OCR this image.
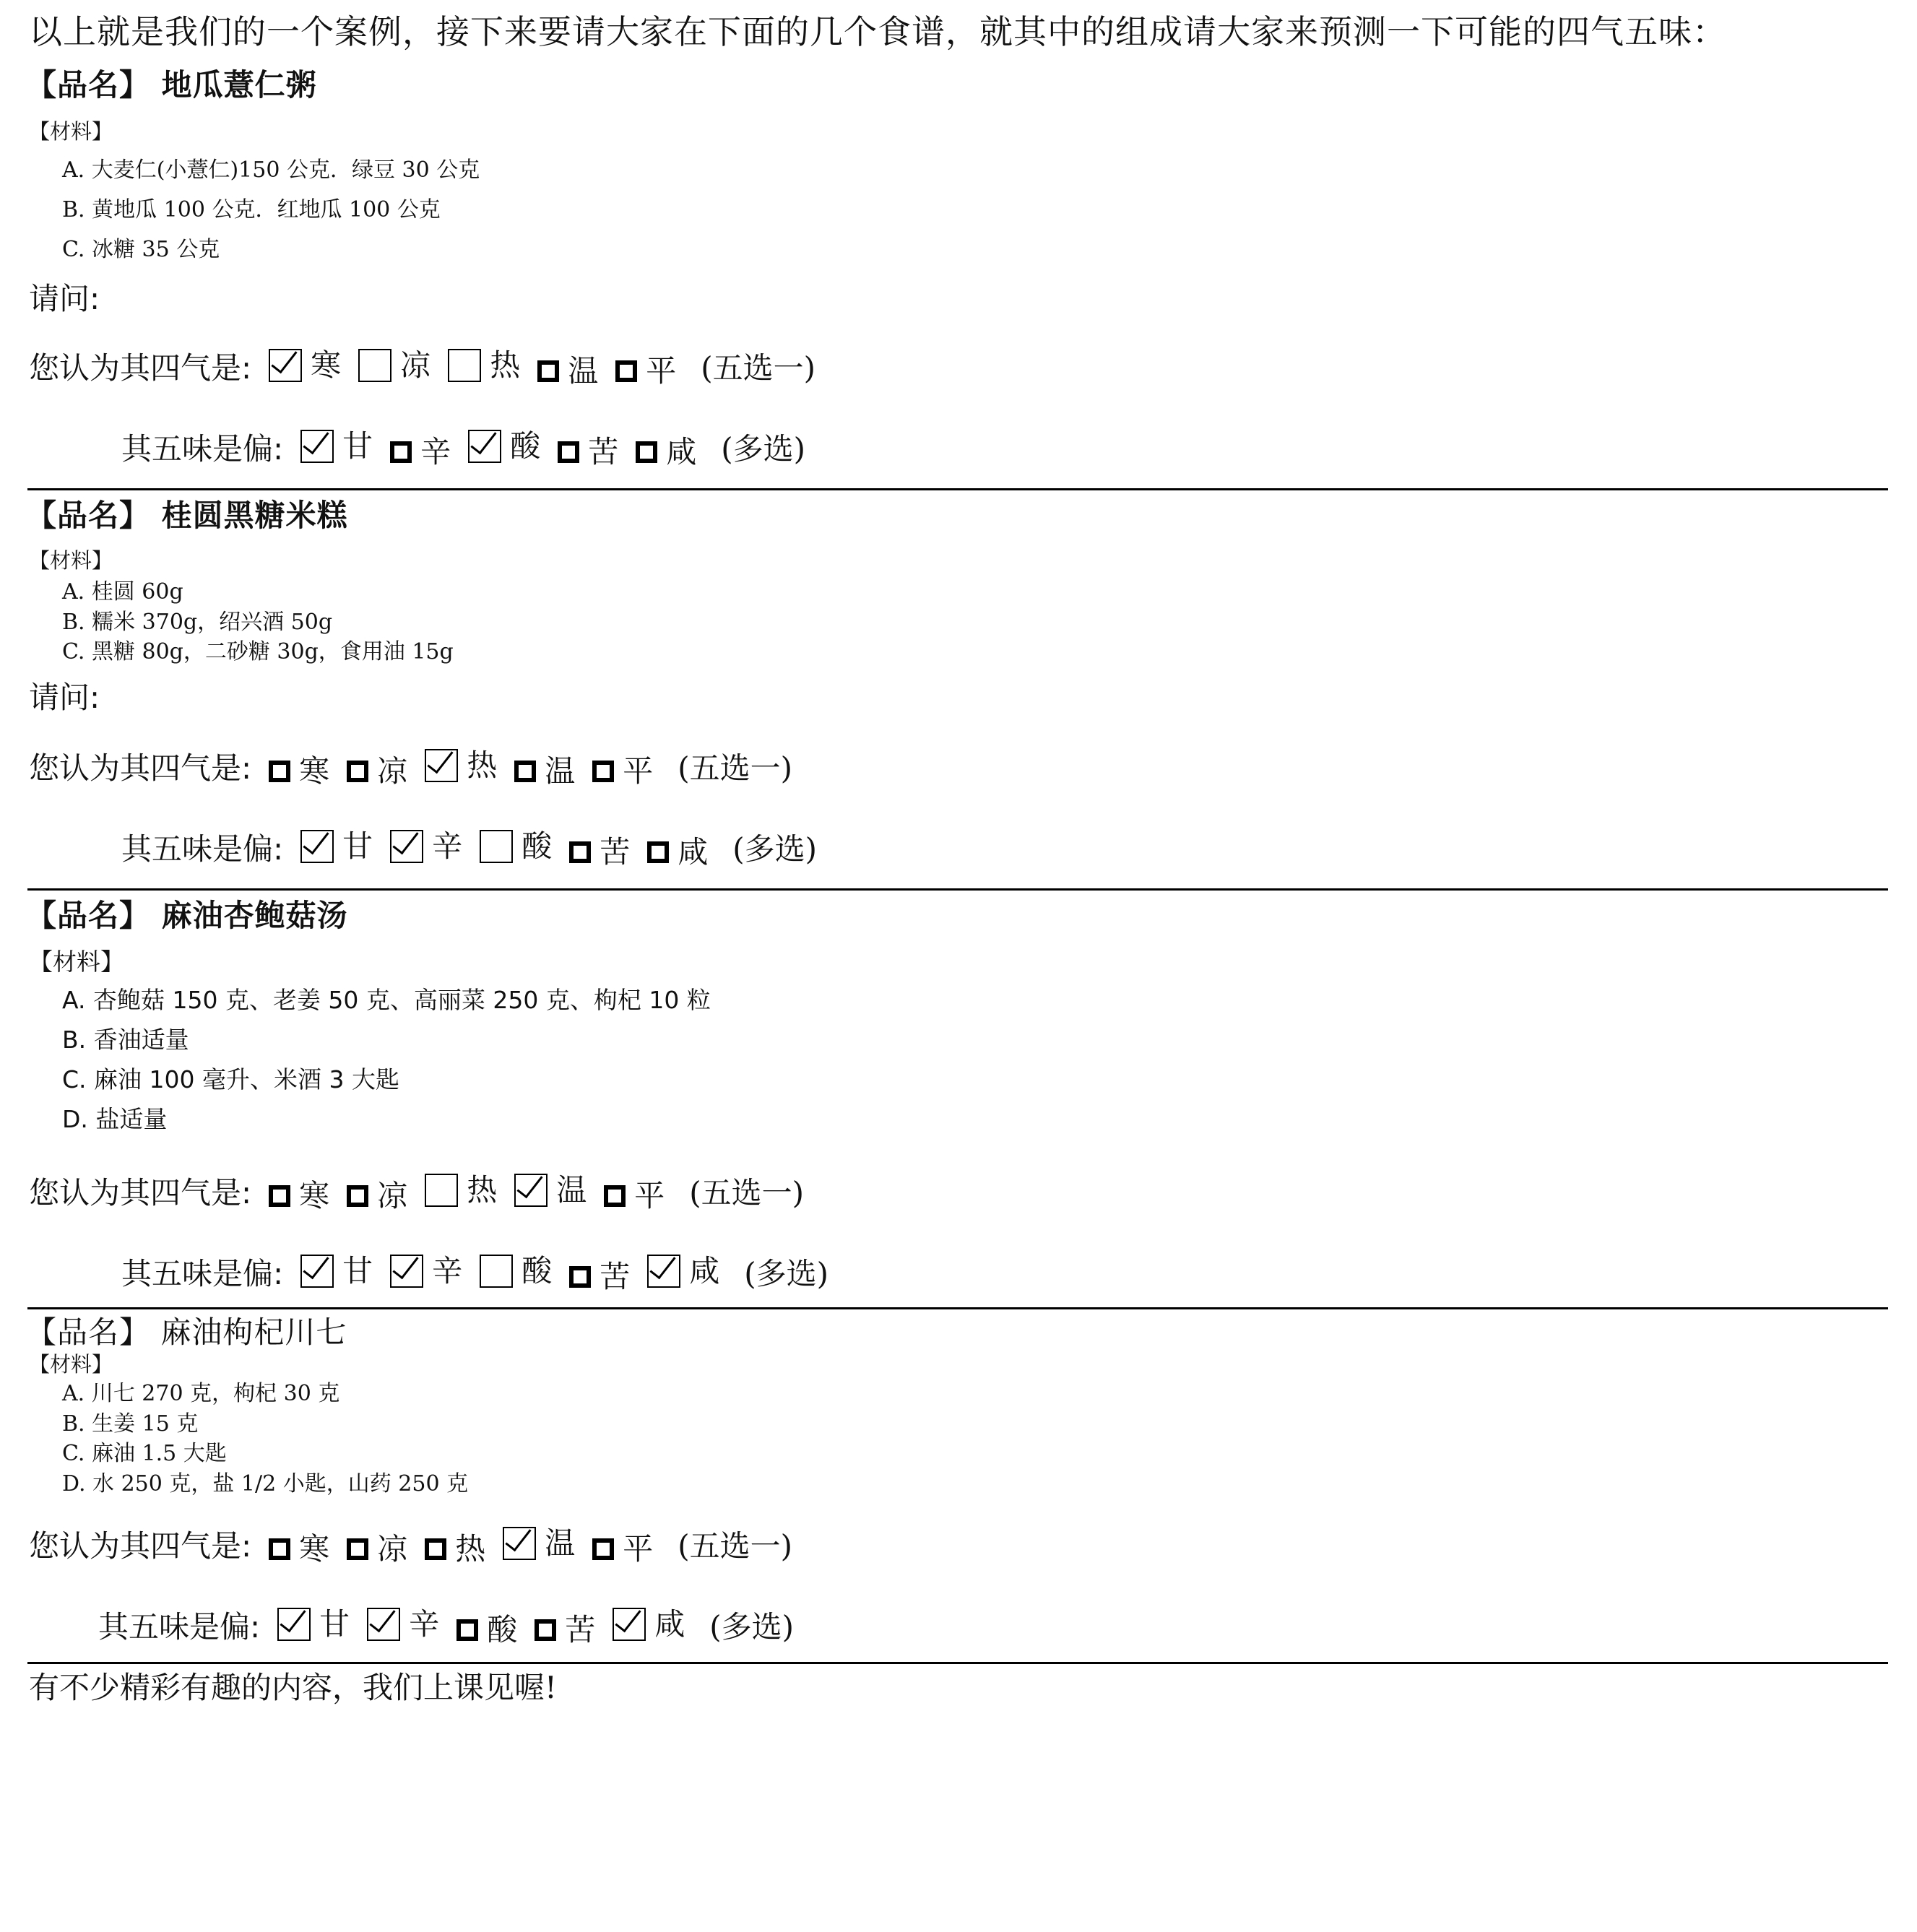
以上就是我们的一个案例，接下来要请大家在下面的几个食谱，就其中的组成请大家来预测一下可能的四气五味：
【品名】 地瓜薏仁粥
【材料】
A. 大麦仁(小薏仁)150 公克．绿豆 30 公克
B. 黄地瓜 100 公克．红地瓜 100 公克
C. 冰糖 35 公克
请问:
您认为其四气是: 寒 凉 热 温 平 (五选一)
其五味是偏: 甘 辛 酸 苦 咸 (多选)
【品名】 桂圆黑糖米糕
【材料】
A. 桂圆 60g
B. 糯米 370g，绍兴酒 50g
C. 黑糖 80g，二砂糖 30g，食用油 15g
请问:
您认为其四气是: 寒 凉 热 温 平 (五选一)
其五味是偏: 甘 辛 酸 苦 咸 (多选)
【品名】 麻油杏鲍菇汤
【材料】
A. 杏鲍菇 150 克、老姜 50 克、高丽菜 250 克、枸杞 10 粒
B. 香油适量
C. 麻油 100 毫升、米酒 3 大匙
D. 盐适量
您认为其四气是: 寒 凉 热 温 平 (五选一)
其五味是偏: 甘 辛 酸 苦 咸 (多选)
【品名】 麻油枸杞川七
【材料】
A. 川七 270 克，枸杞 30 克
B. 生姜 15 克
C. 麻油 1.5 大匙
D. 水 250 克，盐 1/2 小匙，山药 250 克
您认为其四气是: 寒 凉 热 温 平 (五选一)
其五味是偏: 甘 辛 酸 苦 咸 (多选)
有不少精彩有趣的内容，我们上课见喔!
